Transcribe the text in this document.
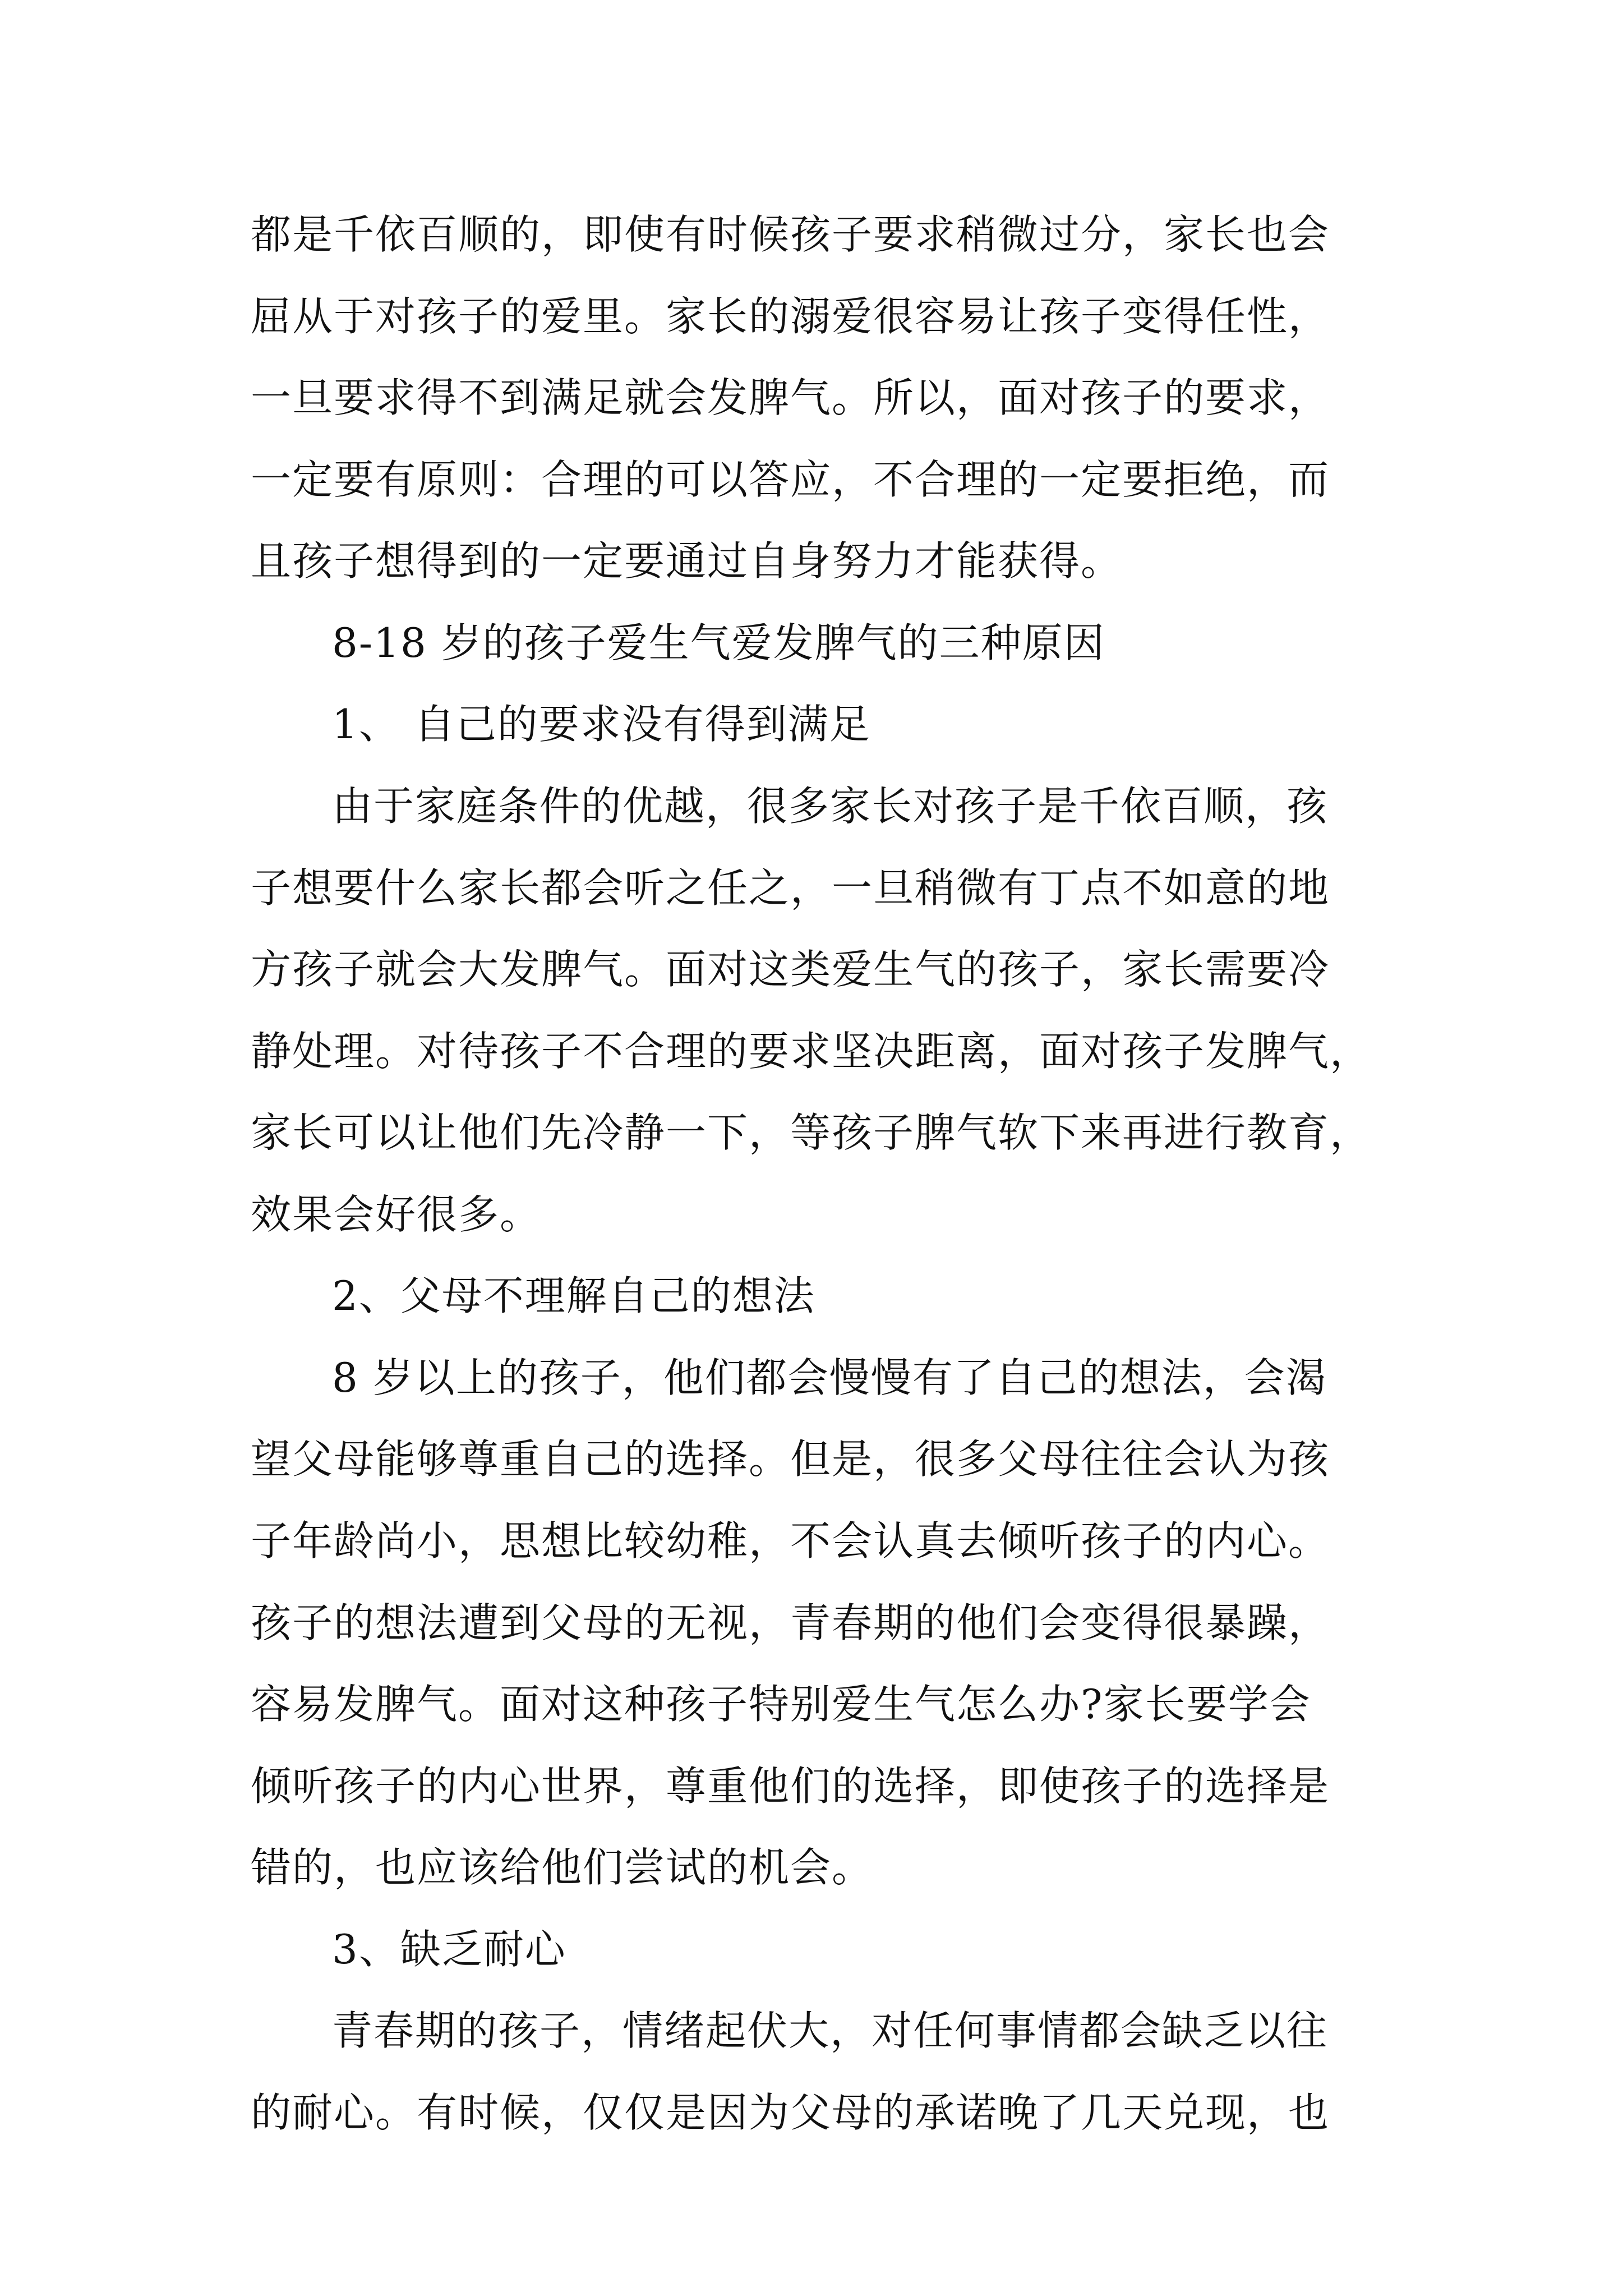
都是千依百顺的，即使有时候孩子要求稍微过分，家长也会
屈从于对孩子的爱里。家长的溺爱很容易让孩子变得任性，
一旦要求得不到满足就会发脾气。所以，面对孩子的要求，
一定要有原则：合理的可以答应，不合理的一定要拒绝，而
且孩子想得到的一定要通过自身努力才能获得。
8-18 岁的孩子爱生气爱发脾气的三种原因
1、 自己的要求没有得到满足
由于家庭条件的优越，很多家长对孩子是千依百顺，孩
子想要什么家长都会听之任之，一旦稍微有丁点不如意的地
方孩子就会大发脾气。面对这类爱生气的孩子，家长需要冷
静处理。对待孩子不合理的要求坚决距离，面对孩子发脾气，
家长可以让他们先冷静一下，等孩子脾气软下来再进行教育，
效果会好很多。
2、父母不理解自己的想法
8 岁以上的孩子，他们都会慢慢有了自己的想法，会渴
望父母能够尊重自己的选择。但是，很多父母往往会认为孩
子年龄尚小，思想比较幼稚，不会认真去倾听孩子的内心。
孩子的想法遭到父母的无视，青春期的他们会变得很暴躁，
容易发脾气。面对这种孩子特别爱生气怎么办?家长要学会
倾听孩子的内心世界，尊重他们的选择，即使孩子的选择是
错的，也应该给他们尝试的机会。
3、缺乏耐心
青春期的孩子，情绪起伏大，对任何事情都会缺乏以往
的耐心。有时候，仅仅是因为父母的承诺晚了几天兑现，也
